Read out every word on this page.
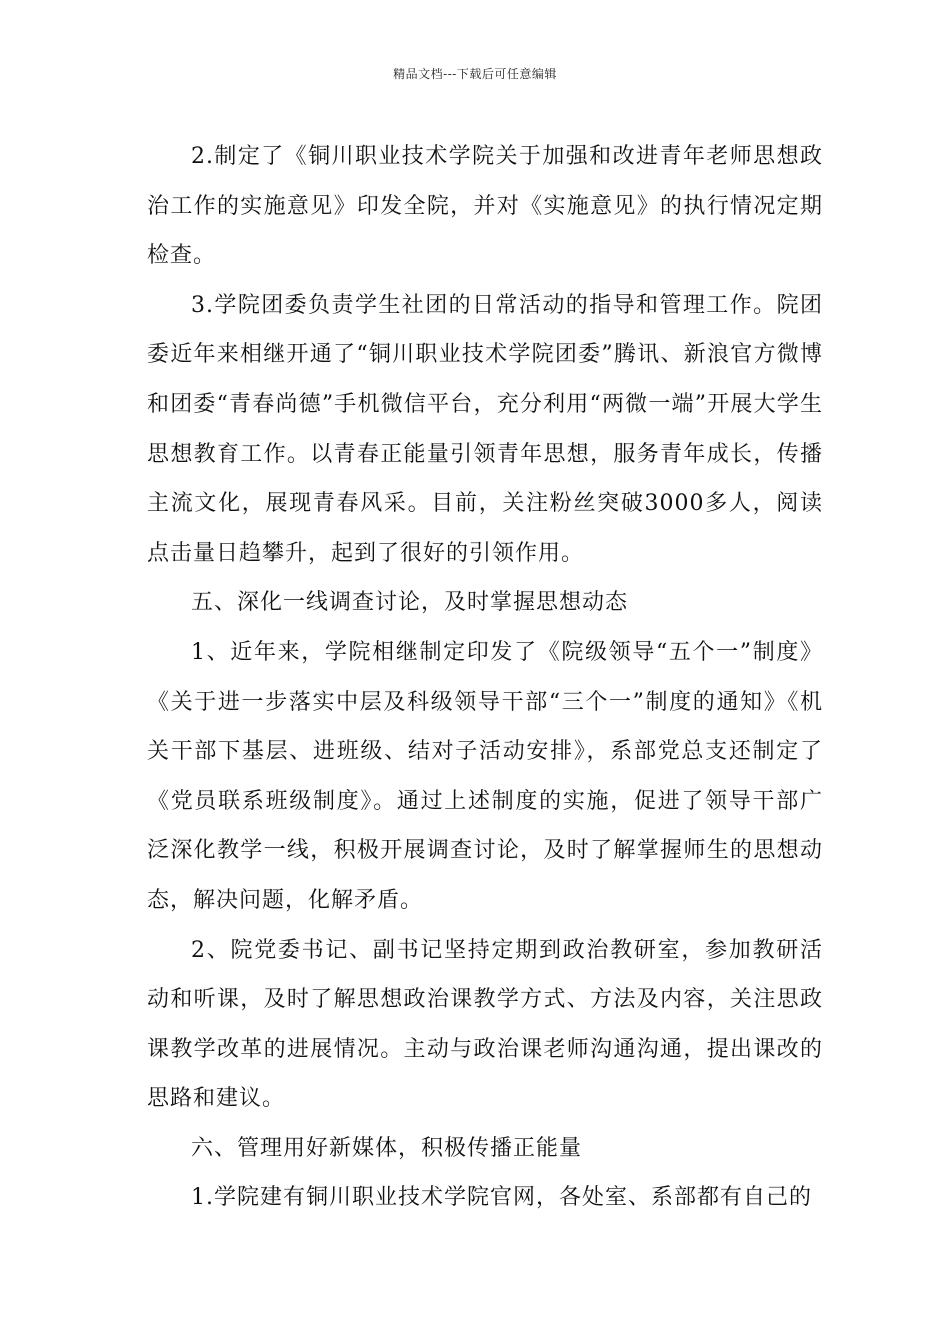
精品文档---下载后可任意编辑

2.制定了《铜川职业技术学院关于加强和改进青年老师思想政治工作的实施意见》印发全院，并对《实施意见》的执行情况定期检查。

3.学院团委负责学生社团的日常活动的指导和管理工作。院团委近年来相继开通了“铜川职业技术学院团委”腾讯、新浪官方微博和团委“青春尚德”手机微信平台，充分利用“两微一端”开展大学生思想教育工作。以青春正能量引领青年思想，服务青年成长，传播主流文化，展现青春风采。目前，关注粉丝突破3000多人，阅读点击量日趋攀升，起到了很好的引领作用。

五、深化一线调查讨论，及时掌握思想动态

1、近年来，学院相继制定印发了《院级领导“五个一”制度》《关于进一步落实中层及科级领导干部“三个一”制度的通知》《机关干部下基层、进班级、结对子活动安排》，系部党总支还制定了《党员联系班级制度》。通过上述制度的实施，促进了领导干部广泛深化教学一线，积极开展调查讨论，及时了解掌握师生的思想动态，解决问题，化解矛盾。

2、院党委书记、副书记坚持定期到政治教研室，参加教研活动和听课，及时了解思想政治课教学方式、方法及内容，关注思政课教学改革的进展情况。主动与政治课老师沟通沟通，提出课改的思路和建议。

六、管理用好新媒体，积极传播正能量

1.学院建有铜川职业技术学院官网，各处室、系部都有自己的
